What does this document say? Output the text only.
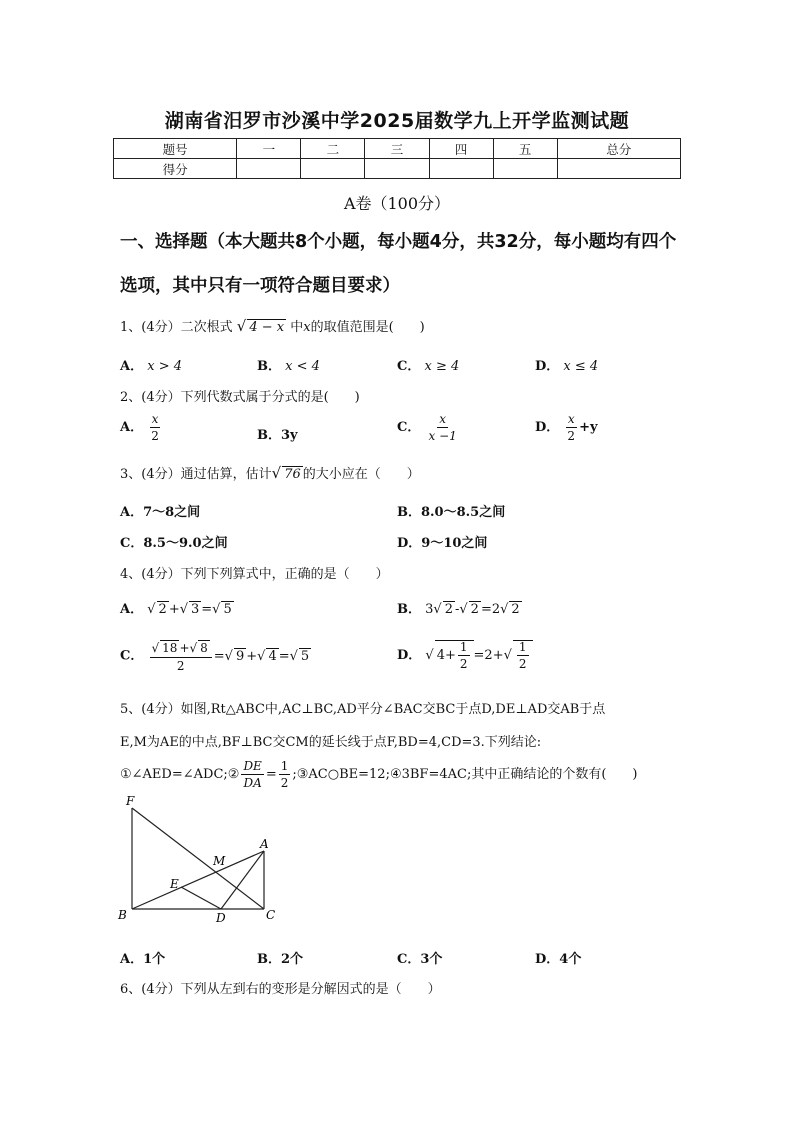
湖南省汨罗市沙溪中学2025届数学九上开学监测试题
题号	一	二	三	四	五	总分
得分						
A卷（100分）
一、选择题（本大题共8个小题，每小题4分，共32分，每小题均有四个选项，其中只有一项符合题目要求）
1、(4分）二次根式 √ 4 − x 中x的取值范围是(　　)
A． x > 4	B． x < 4	C． x ≥ 4	D． x ≤ 4
2、(4分）下列代数式属于分式的是(　　)
A． $\frac{x}{2}$	B．3y
C． $\frac{x}{x -1}$	D． $\frac{x}{2} +y$
3、(4分）通过估算，估计√ 76 的大小应在（　　）
A．7～8之间	B．8.0～8.5之间
C．8.5～9.0之间	D．9～10之间
4、(4分）下列下列算式中，正确的是（　　）
A． √ 2 +√ 3 =√ 5	B． 3√ 2 -√ 2 =2√ 2
C． $\frac{√ 18 +√ 8}{2}$ =√ 9 +√ 4 =√ 5	D． √ $4+ \frac{1}{2} =2+√ \frac{1}{2}$
5、(4分）如图,Rt△ABC中,AC⊥BC,AD平分∠BAC交BC于点D,DE⊥AD交AB于点
E,M为AE的中点,BF⊥BC交CM的延长线于点F,BD=4,CD=3.下列结论:
①∠AED=∠ADC;② $\frac{DE}{DA} = \frac{1}{2}$ ;③AC○BE=12;④3BF=4AC;其中正确结论的个数有(　　)
F
A
M
E
B	D	C
A．1个	B．2个	C．3个	D．4个
6、(4分）下列从左到右的变形是分解因式的是（　　）
